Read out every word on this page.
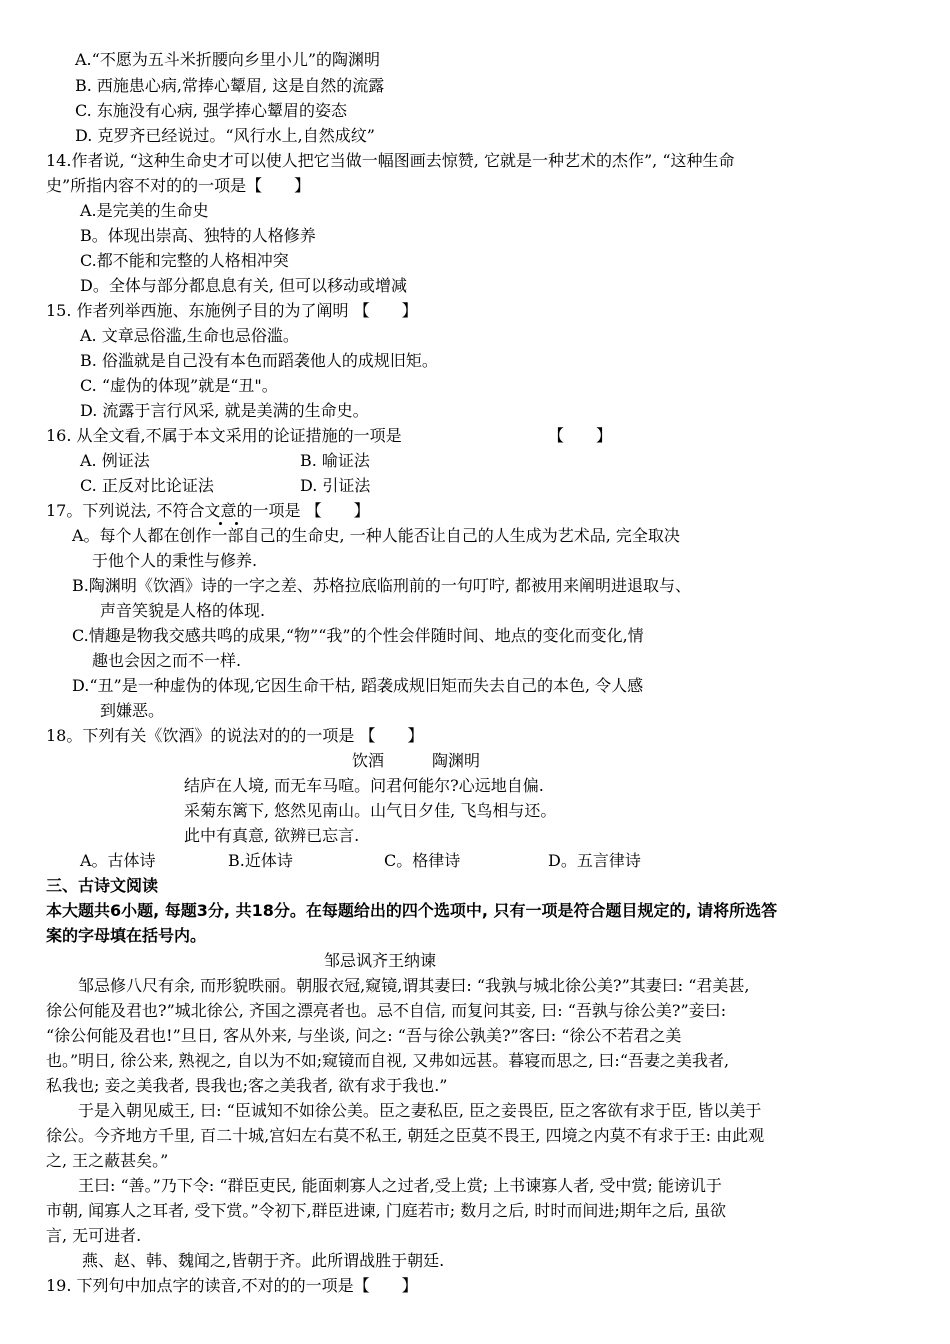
A.“不愿为五斗米折腰向乡里小儿”的陶渊明
B. 西施患心病,常捧心颦眉, 这是自然的流露
C. 东施没有心病, 强学捧心颦眉的姿态
D. 克罗齐已经说过。“风行水上,自然成纹”
14.作者说, “这种生命史才可以使人把它当做一幅图画去惊赞, 它就是一种艺术的杰作”, “这种生命
史”所指内容不对的的一项是【　　】
A.是完美的生命史
B。体现出崇高、独特的人格修养
C.都不能和完整的人格相冲突
D。全体与部分都息息有关, 但可以移动或增减
15. 作者列举西施、东施例子目的为了阐明 【　　】
A. 文章忌俗滥,生命也忌俗滥。
B. 俗滥就是自己没有本色而蹈袭他人的成规旧矩。
C. “虚伪的体现”就是“丑"。
D. 流露于言行风采, 就是美满的生命史。
16. 从全文看,不属于本文采用的论证措施的一项是	【　　】
A. 例证法	B. 喻证法
C. 正反对比论证法	D. 引证法
17。下列说法, 不符合文意的一项是 【　　】
A。每个人都在创作一部自己的生命史, 一种人能否让自己的人生成为艺术品, 完全取决
于他个人的秉性与修养.
B.陶渊明《饮酒》诗的一字之差、苏格拉底临刑前的一句叮咛, 都被用来阐明进退取与、
声音笑貌是人格的体现.
C.情趣是物我交感共鸣的成果,“物”“我”的个性会伴随时间、地点的变化而变化,情
趣也会因之而不一样.
D.“丑”是一种虚伪的体现,它因生命干枯, 蹈袭成规旧矩而失去自己的本色, 令人感
到嫌恶。
18。下列有关《饮酒》的说法对的的一项是 【　　】
饮酒　　　陶渊明
结庐在人境, 而无车马喧。问君何能尔?心远地自偏.
采菊东篱下, 悠然见南山。山气日夕佳, 飞鸟相与还。
此中有真意, 欲辨已忘言.
A。古体诗	B.近体诗	C。格律诗	D。五言律诗
三、古诗文阅读
本大题共6小题, 每题3分, 共18分。在每题给出的四个选项中, 只有一项是符合题目规定的, 请将所选答
案的字母填在括号内。
邹忌讽齐王纳谏
邹忌修八尺有余, 而形貌昳丽。朝服衣冠,窥镜,谓其妻曰: “我孰与城北徐公美?”其妻曰: “君美甚,
徐公何能及君也?”城北徐公, 齐国之漂亮者也。忌不自信, 而复问其妾, 曰: “吾孰与徐公美?”妾曰:
“徐公何能及君也!”旦日, 客从外来, 与坐谈, 问之: “吾与徐公孰美?”客曰: “徐公不若君之美
也。”明日, 徐公来, 熟视之, 自以为不如;窥镜而自视, 又弗如远甚。暮寝而思之, 曰:“吾妻之美我者,
私我也; 妾之美我者, 畏我也;客之美我者, 欲有求于我也.”
于是入朝见威王, 曰: “臣诚知不如徐公美。臣之妻私臣, 臣之妾畏臣, 臣之客欲有求于臣, 皆以美于
徐公。今齐地方千里, 百二十城,宫妇左右莫不私王, 朝廷之臣莫不畏王, 四境之内莫不有求于王: 由此观
之, 王之蔽甚矣。”
王曰: “善。”乃下令: “群臣吏民, 能面刺寡人之过者,受上赏; 上书谏寡人者, 受中赏; 能谤讥于
市朝, 闻寡人之耳者, 受下赏。”令初下,群臣进谏, 门庭若市; 数月之后, 时时而间进;期年之后, 虽欲
言, 无可进者.
燕、赵、韩、魏闻之,皆朝于齐。此所谓战胜于朝廷.
19. 下列句中加点字的读音,不对的的一项是【　　】
